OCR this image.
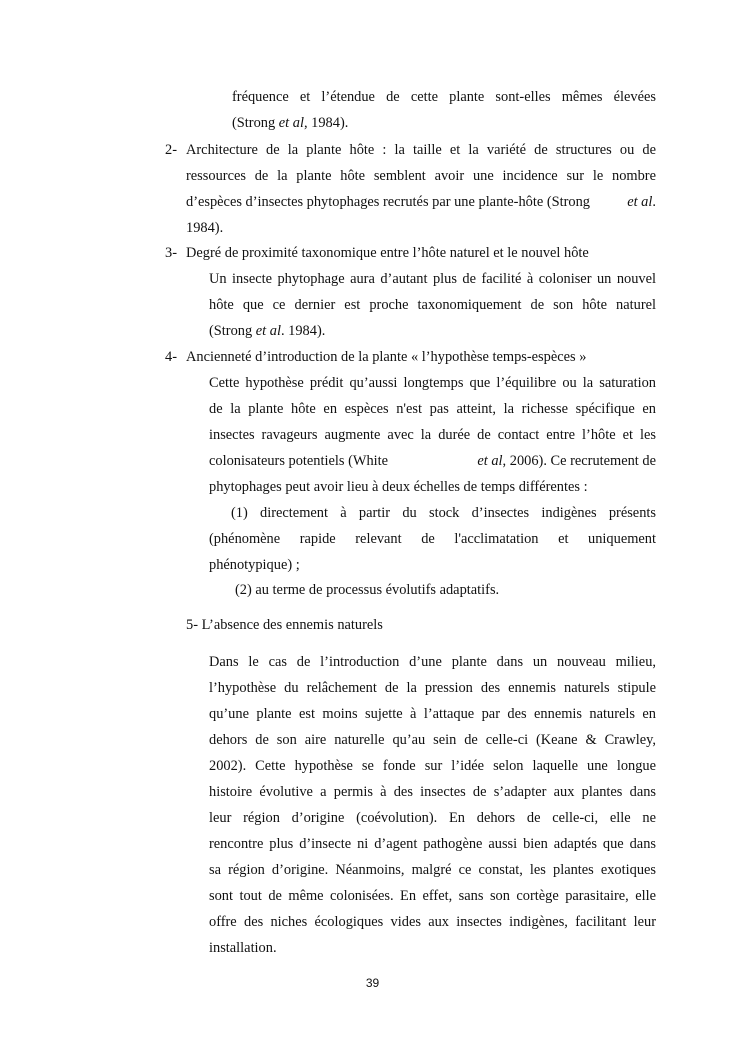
fréquence et l’étendue de cette plante sont-elles mêmes élevées
(Strong et al, 1984).
2- Architecture de la plante hôte : la taille et la variété de structures ou de
ressources de la plante hôte semblent avoir une incidence sur le nombre
d’espèces d’insectes phytophages recrutés par une plante-hôte (Strong	et al.
1984).
3- Degré de proximité taxonomique entre l’hôte naturel et le nouvel hôte
Un insecte phytophage aura d’autant plus de facilité à coloniser un nouvel
hôte que ce dernier est proche taxonomiquement de son hôte naturel
(Strong et al. 1984).
4- Ancienneté d’introduction de la plante « l’hypothèse temps-espèces »
Cette hypothèse prédit qu’aussi longtemps que l’équilibre ou la saturation
de la plante hôte en espèces n'est pas atteint, la richesse spécifique en
insectes ravageurs augmente avec la durée de contact entre l’hôte et les
colonisateurs potentiels (White	et al, 2006). Ce recrutement de
phytophages peut avoir lieu à deux échelles de temps différentes :
(1) directement à partir du stock d’insectes indigènes présents
(phénomène rapide relevant de l'acclimatation et uniquement
phénotypique) ;
(2) au terme de processus évolutifs adaptatifs.
5- L’absence des ennemis naturels
Dans le cas de l’introduction d’une plante dans un nouveau milieu,
l’hypothèse du relâchement de la pression des ennemis naturels stipule
qu’une plante est moins sujette à l’attaque par des ennemis naturels en
dehors de son aire naturelle qu’au sein de celle-ci (Keane & Crawley,
2002). Cette hypothèse se fonde sur l’idée selon laquelle une longue
histoire évolutive a permis à des insectes de s’adapter aux plantes dans
leur région d’origine (coévolution). En dehors de celle-ci, elle ne
rencontre plus d’insecte ni d’agent pathogène aussi bien adaptés que dans
sa région d’origine. Néanmoins, malgré ce constat, les plantes exotiques
sont tout de même colonisées. En effet, sans son cortège parasitaire, elle
offre des niches écologiques vides aux insectes indigènes, facilitant leur
installation.
39
